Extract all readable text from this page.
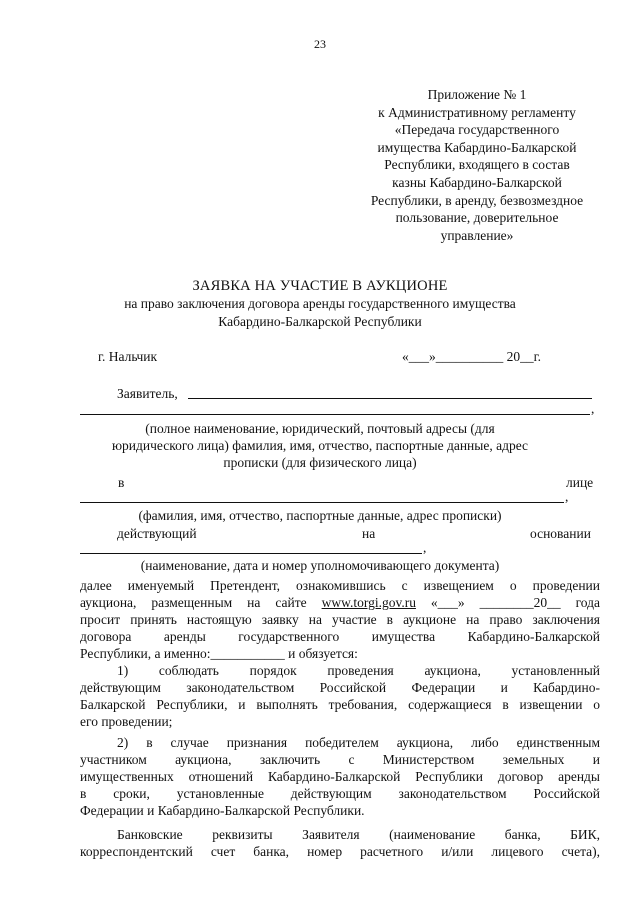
23
Приложение № 1
к Административному регламенту
«Передача государственного
имущества Кабардино-Балкарской
Республики, входящего в состав
казны Кабардино-Балкарской
Республики, в аренду, безвозмездное
пользование, доверительное
управление»
ЗАЯВКА НА УЧАСТИЕ В АУКЦИОНЕ
на право заключения договора аренды государственного имущества
Кабардино-Балкарской Республики
г. Нальчик	«___»__________ 20__г.
Заявитель,
,
(полное наименование, юридический, почтовый адресы (для
юридического лица) фамилия, имя, отчество, паспортные данные, адрес
прописки (для физического лица)
в	лице
,
(фамилия, имя, отчество, паспортные данные, адрес прописки)
действующий	на	основании
,
(наименование, дата и номер уполномочивающего документа)
далее именуемый Претендент, ознакомившись с извещением о проведении
аукциона, размещенным на сайте www.torgi.gov.ru «___» ________20__ года
просит принять настоящую заявку на участие в аукционе на право заключения
договора аренды государственного имущества Кабардино-Балкарской
Республики, а именно:___________ и обязуется:
1) соблюдать порядок проведения аукциона, установленный
действующим законодательством Российской Федерации и Кабардино-
Балкарской Республики, и выполнять требования, содержащиеся в извещении о
его проведении;
2) в случае признания победителем аукциона, либо единственным
участником аукциона, заключить с Министерством земельных и
имущественных отношений Кабардино-Балкарской Республики договор аренды
в сроки, установленные действующим законодательством Российской
Федерации и Кабардино-Балкарской Республики.
Банковские реквизиты Заявителя (наименование банка, БИК,
корреспондентский счет банка, номер расчетного и/или лицевого счета),
